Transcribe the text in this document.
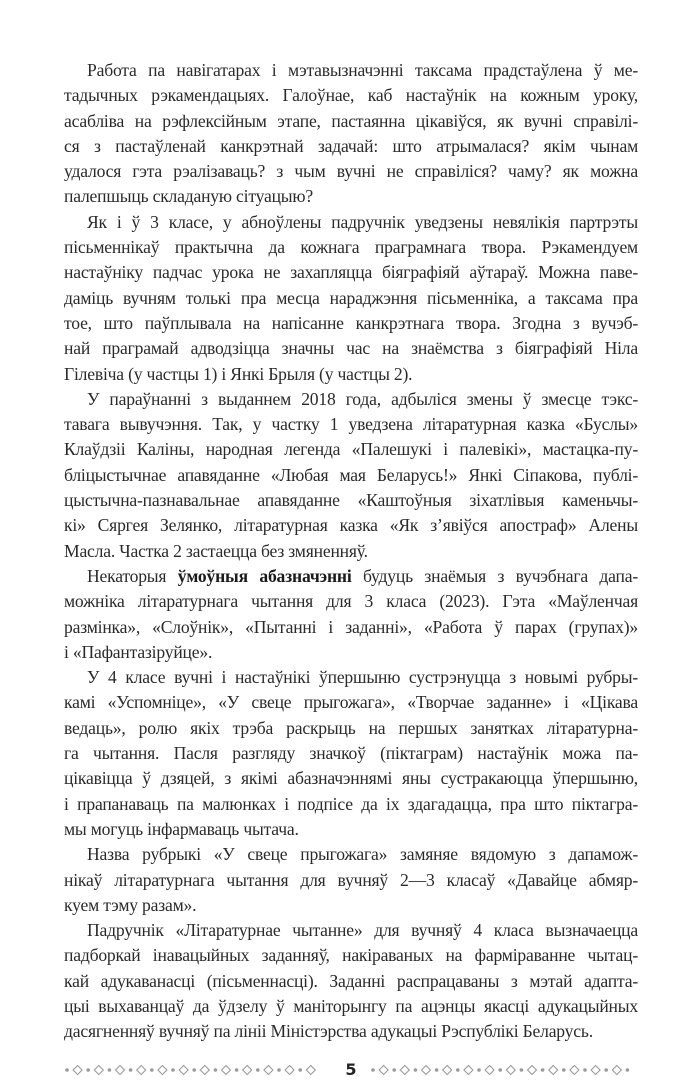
Работа па навігатарах і мэтавызначэнні таксама прадстаўлена ў ме-
тадычных рэкамендацыях. Галоўнае, каб настаўнік на кожным уроку,
асабліва на рэфлексійным этапе, пастаянна цікавіўся, як вучні справілі-
ся з пастаўленай канкрэтнай задачай: што атрымалася? якім чынам
удалося гэта рэалізаваць? з чым вучні не справіліся? чаму? як можна
палепшыць складаную сітуацыю?
Як і ў 3 класе, у абноўлены падручнік уведзены невялікія партрэты
пісьменнікаў практычна да кожнага праграмнага твора. Рэкамендуем
настаўніку падчас урока не захапляцца біяграфіяй аўтараў. Можна паве-
даміць вучням толькі пра месца нараджэння пісьменніка, а таксама пра
тое, што паўплывала на напісанне канкрэтнага твора. Згодна з вучэб-
най праграмай адводзіцца значны час на знаёмства з біяграфіяй Ніла
Гілевіча (у частцы 1) і Янкі Брыля (у частцы 2).
У параўнанні з выданнем 2018 года, адбыліся змены ў змесце тэкс-
тавага вывучэння. Так, у частку 1 уведзена літаратурная казка «Буслы»
Клаўдзіі Каліны, народная легенда «Палешукі і палевікі», мастацка-пу-
бліцыстычнае апавяданне «Любая мая Беларусь!» Янкі Сіпакова, публі-
цыстычна-пазнавальнае апавяданне «Каштоўныя зіхатлівыя каменьчы-
кі» Сяргея Зелянко, літаратурная казка «Як з’явіўся апостраф» Алены
Масла. Частка 2 застаецца без змяненняў.
Некаторыя ўмоўныя абазначэнні будуць знаёмыя з вучэбнага дапа-
можніка літаратурнага чытання для 3 класа (2023). Гэта «Маўленчая
размінка», «Слоўнік», «Пытанні і заданні», «Работа ў парах (групах)»
і «Пафантазіруйце».
У 4 класе вучні і настаўнікі ўпершыню сустрэнуцца з новымі рубры-
камі «Успомніце», «У свеце прыгожага», «Творчае заданне» і «Цікава
ведаць», ролю якіх трэба раскрыць на першых занятках літаратурна-
га чытання. Пасля разгляду значкоў (піктаграм) настаўнік можа па-
цікавіцца ў дзяцей, з якімі абазначэннямі яны сустракаюцца ўпершыню,
і прапанаваць па малюнках і подпісе да іх здагадацца, пра што піктагра-
мы могуць інфармаваць чытача.
Назва рубрыкі «У свеце прыгожага» замяняе вядомую з дапамож-
нікаў літаратурнага чытання для вучняў 2—3 класаў «Давайце абмяр-
куем тэму разам».
Падручнік «Літаратурнае чытанне» для вучняў 4 класа вызначаецца
падборкай інавацыйных заданняў, накіраваных на фарміраванне чытац-
кай адукаванасці (пісьменнасці). Заданні распрацаваны з мэтай адапта-
цыі выхаванцаў да ўдзелу ў маніторынгу па ацэнцы якасці адукацыйных
дасягненняў вучняў па лініі Міністэрства адукацыі Рэспублікі Беларусь.
5
